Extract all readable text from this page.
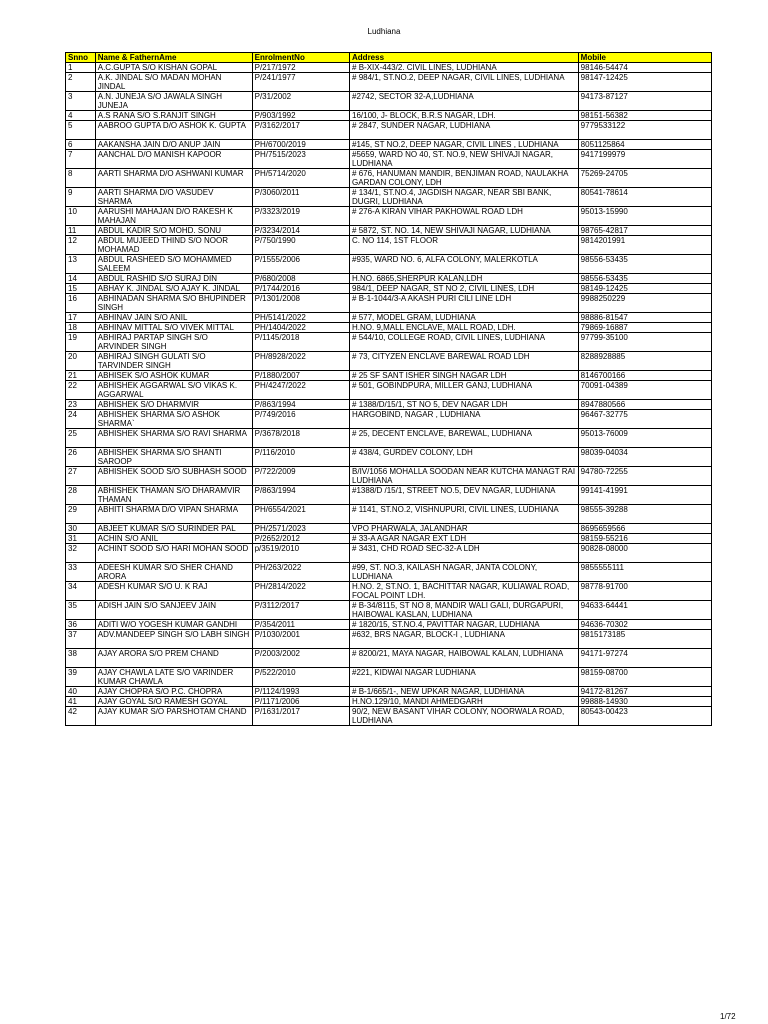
Ludhiana
Snno	Name & FathernAme	EnrolmentNo	Address	Mobile
1	A.C.GUPTA S/O KISHAN GOPAL	P/217/1972	# B-XIX-443/2. CIVIL LINES, LUDHIANA	98146-54474
2	A.K. JINDAL S/O MADAN MOHAN JINDAL	P/241/1977	# 984/1, ST.NO.2, DEEP NAGAR, CIVIL LINES, LUDHIANA	98147-12425
3	A.N. JUNEJA S/O JAWALA SINGH JUNEJA	P/31/2002	#2742, SECTOR 32-A,LUDHIANA	94173-87127
4	A.S RANA S/O S.RANJIT SINGH	P/903/1992	16/100, J- BLOCK, B.R.S NAGAR, LDH.	98151-56382
5	AABROO GUPTA D/O ASHOK K. GUPTA	P/3162/2017	# 2847, SUNDER NAGAR, LUDHIANA	9779533122
6	AAKANSHA JAIN D/O ANUP JAIN	PH/6700/2019	#145, ST NO.2, DEEP NAGAR, CIVIL LINES , LUDHIANA	8051125864
7	AANCHAL D/O MANISH KAPOOR	PH/7515/2023	#5659, WARD NO 40, ST. NO.9, NEW SHIVAJI NAGAR, LUDHIANA	9417199979
8	AARTI SHARMA D/O ASHWANI KUMAR	PH/5714/2020	# 676, HANUMAN MANDIR, BENJIMAN ROAD, NAULAKHA GARDAN COLONY, LDH	75269-24705
9	AARTI SHARMA D/O VASUDEV SHARMA	P/3060/2011	# 134/1, ST.NO.4, JAGDISH NAGAR, NEAR SBI BANK, DUGRI, LUDHIANA	80541-78614
10	AARUSHI MAHAJAN D/O RAKESH K MAHAJAN	P/3323/2019	# 276-A KIRAN VIHAR PAKHOWAL ROAD LDH	95013-15990
11	ABDUL KADIR S/O MOHD. SONU	P/3234/2014	# 5872, ST. NO. 14, NEW SHIVAJI NAGAR, LUDHIANA	98765-42817
12	ABDUL MUJEED THIND S/O NOOR MOHAMAD	P/750/1990	C. NO 114, 1ST FLOOR	9814201991
13	ABDUL RASHEED S/O MOHAMMED SALEEM	P/1555/2006	#935, WARD NO. 6, ALFA COLONY, MALERKOTLA	98556-53435
14	ABDUL RASHID S/O SURAJ DIN	P/680/2008	H.NO. 6865,SHERPUR KALAN,LDH	98556-53435
15	ABHAY K. JINDAL S/O AJAY K. JINDAL	P/1744/2016	984/1, DEEP NAGAR, ST NO 2, CIVIL LINES, LDH	98149-12425
16	ABHINADAN SHARMA S/O BHUPINDER SINGH	P/1301/2008	# B-1-1044/3-A AKASH PURI CILI LINE LDH	9988250229
17	ABHINAV JAIN S/O ANIL	PH/5141/2022	# 577, MODEL GRAM, LUDHIANA	98886-81547
18	ABHINAV MITTAL S/O VIVEK MITTAL	PH/1404/2022	H.NO. 9,MALL ENCLAVE, MALL ROAD, LDH.	79869-16887
19	ABHIRAJ PARTAP SINGH S/O ARVINDER SINGH	P/1145/2018	# 544/10, COLLEGE ROAD, CIVIL LINES, LUDHIANA	97799-35100
20	ABHIRAJ SINGH GULATI S/O TARVINDER SINGH	PH/8928/2022	# 73, CITYZEN ENCLAVE BAREWAL ROAD LDH	8288928885
21	ABHISEK S/O ASHOK KUMAR	P/1880/2007	# 25 SF SANT ISHER SINGH NAGAR LDH	8146700166
22	ABHISHEK AGGARWAL S/O VIKAS K. AGGARWAL	PH/4247/2022	# 501, GOBINDPURA, MILLER GANJ, LUDHIANA	70091-04389
23	ABHISHEK S/O DHARMVIR	P/863/1994	# 1388/D/15/1, ST NO 5, DEV NAGAR LDH	8947880566
24	ABHISHEK SHARMA S/O ASHOK SHARMA`	P/749/2016	HARGOBIND, NAGAR , LUDHIANA	96467-32775
25	ABHISHEK SHARMA S/O RAVI SHARMA	P/3678/2018	# 25, DECENT ENCLAVE, BAREWAL, LUDHIANA	95013-76009
26	ABHISHEK SHARMA S/O SHANTI SAROOP	P/116/2010	# 438/4, GURDEV COLONY, LDH	98039-04034
27	ABHISHEK SOOD S/O SUBHASH SOOD	P/722/2009	B/IV/1056 MOHALLA SOODAN NEAR KUTCHA MANAGT RAI LUDHIANA	94780-72255
28	ABHISHEK THAMAN S/O DHARAMVIR THAMAN	P/863/1994	#1388/D /15/1, STREET NO.5, DEV NAGAR, LUDHIANA	99141-41991
29	ABHITI SHARMA D/O VIPAN SHARMA	PH/6554/2021	# 1141, ST.NO.2, VISHNUPURI, CIVIL LINES, LUDHIANA	98555-39288
30	ABJEET KUMAR S/O SURINDER PAL	PH/2571/2023	VPO PHARWALA, JALANDHAR	8695659566
31	ACHIN S/O ANIL	P/2652/2012	# 33-A AGAR NAGAR EXT LDH	98159-55216
32	ACHINT SOOD S/O HARI MOHAN SOOD	p/3519/2010	# 3431, CHD ROAD SEC-32-A LDH	90828-08000
33	ADEESH KUMAR S/O SHER CHAND ARORA	PH/263/2022	#99, ST. NO.3, KAILASH NAGAR, JANTA COLONY, LUDHIANA	9855555111
34	ADESH KUMAR S/O U. K RAJ	PH/2814/2022	H.NO. 2, ST.NO. 1, BACHITTAR NAGAR, KULIAWAL ROAD, FOCAL POINT LDH.	98778-91700
35	ADISH JAIN S/O SANJEEV JAIN	P/3112/2017	# B-34/8115, ST NO 8, MANDIR WALI GALI, DURGAPURI, HAIBOWAL KASLAN, LUDHIANA	94633-64441
36	ADITI W/O YOGESH KUMAR GANDHI	P/354/2011	# 1820/15, ST.NO.4, PAVITTAR NAGAR, LUDHIANA	94636-70302
37	ADV.MANDEEP SINGH S/O LABH SINGH	P/1030/2001	#632, BRS NAGAR, BLOCK-I , LUDHIANA	9815173185
38	AJAY ARORA S/O PREM CHAND	P/2003/2002	# 8200/21, MAYA NAGAR, HAIBOWAL KALAN, LUDHIANA	94171-97274
39	AJAY CHAWLA LATE S/O VARINDER KUMAR CHAWLA	P/522/2010	#221, KIDWAI NAGAR LUDHIANA	98159-08700
40	AJAY CHOPRA S/O P.C. CHOPRA	P/1124/1993	# B-1/665/1-, NEW UPKAR NAGAR, LUDHIANA	94172-81267
41	AJAY GOYAL S/O RAMESH GOYAL	P/1171/2006	H.NO.129/10, MANDI AHMEDGARH	99888-14930
42	AJAY KUMAR S/O PARSHOTAM CHAND	P/1631/2017	90/2, NEW BASANT VIHAR COLONY, NOORWALA ROAD, LUDHIANA	80543-00423
1/72
